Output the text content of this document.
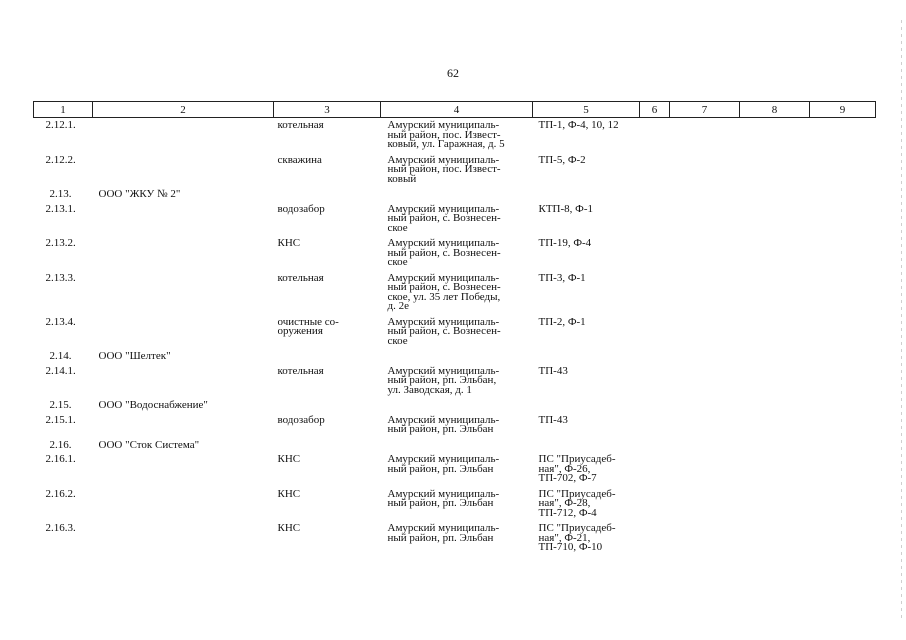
62
1	2	3	4	5	6	7	8	9
2.12.1.		котельная	Амурский муниципаль-
ный район, пос. Извест-
ковый, ул. Гаражная, д. 5	ТП-1, Ф-4, 10, 12				

2.12.2.		скважина	Амурский муниципаль-
ный район, пос. Извест-
ковый	ТП-5, Ф-2				

2.13.	ООО "ЖКУ № 2"							
2.13.1.		водозабор	Амурский муниципаль-
ный район, с. Вознесен-
ское	КТП-8, Ф-1				

2.13.2.		КНС	Амурский муниципаль-
ный район, с. Вознесен-
ское	ТП-19, Ф-4				

2.13.3.		котельная	Амурский муниципаль-
ный район, с. Вознесен-
ское, ул. 35 лет Победы,
д. 2е	ТП-3, Ф-1				

2.13.4.		очистные со-
оружения	Амурский муниципаль-
ный район, с. Вознесен-
ское	ТП-2, Ф-1				

2.14.	ООО "Шелтек"							
2.14.1.		котельная	Амурский муниципаль-
ный район, рп. Эльбан,
ул. Заводская, д. 1	ТП-43				

2.15.	ООО "Водоснабжение"							
2.15.1.		водозабор	Амурский муниципаль-
ный район, рп. Эльбан	ТП-43				

2.16.	ООО "Сток Система"							
2.16.1.		КНС	Амурский муниципаль-
ный район, рп. Эльбан	ПС "Приусадеб-
ная", Ф-26,
ТП-702, Ф-7				

2.16.2.		КНС	Амурский муниципаль-
ный район, рп. Эльбан	ПС "Приусадеб-
ная", Ф-28,
ТП-712, Ф-4				

2.16.3.		КНС	Амурский муниципаль-
ный район, рп. Эльбан	ПС "Приусадеб-
ная", Ф-21,
ТП-710, Ф-10				
